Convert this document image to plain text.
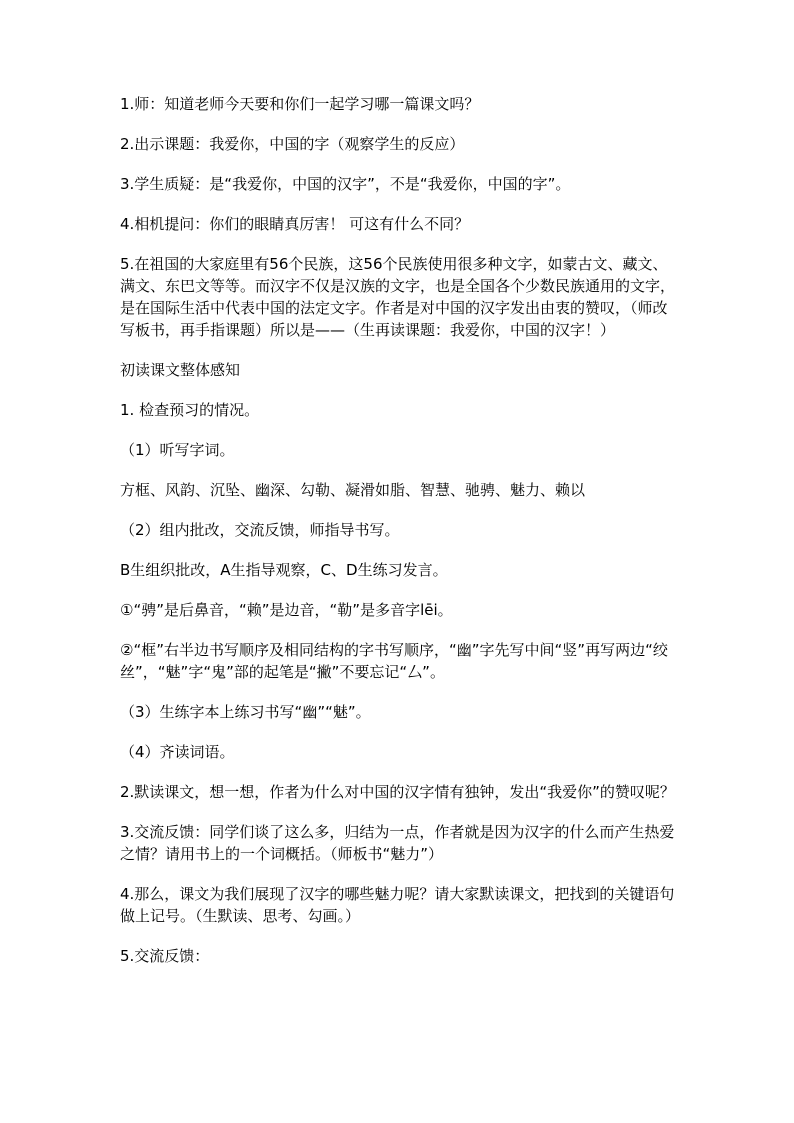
1.师：知道老师今天要和你们一起学习哪一篇课文吗？

2.出示课题：我爱你，中国的字（观察学生的反应）

3.学生质疑：是“我爱你，中国的汉字”，不是“我爱你，中国的字”。

4.相机提问：你们的眼睛真厉害！ 可这有什么不同？

5.在祖国的大家庭里有56个民族，这56个民族使用很多种文字，如蒙古文、藏文、满文、东巴文等等。而汉字不仅是汉族的文字，也是全国各个少数民族通用的文字，是在国际生活中代表中国的法定文字。作者是对中国的汉字发出由衷的赞叹，（师改写板书，再手指课题）所以是——（生再读课题：我爱你，中国的汉字！）

初读课文整体感知

1. 检查预习的情况。

（1）听写字词。

方框、风韵、沉坠、幽深、勾勒、凝滑如脂、智慧、驰骋、魅力、赖以

（2）组内批改，交流反馈，师指导书写。

B生组织批改，A生指导观察，C、D生练习发言。

①“骋”是后鼻音，“赖”是边音，“勒”是多音字lēi。

②“框”右半边书写顺序及相同结构的字书写顺序，“幽”字先写中间“竖”再写两边“绞丝”，“魅”字“鬼”部的起笔是“撇”不要忘记“厶”。

（3）生练字本上练习书写“幽”“魅”。

（4）齐读词语。

2.默读课文，想一想，作者为什么对中国的汉字情有独钟，发出“我爱你”的赞叹呢？

3.交流反馈：同学们谈了这么多，归结为一点，作者就是因为汉字的什么而产生热爱之情？请用书上的一个词概括。（师板书“魅力”）

4.那么，课文为我们展现了汉字的哪些魅力呢？请大家默读课文，把找到的关键语句做上记号。（生默读、思考、勾画。）

5.交流反馈：
